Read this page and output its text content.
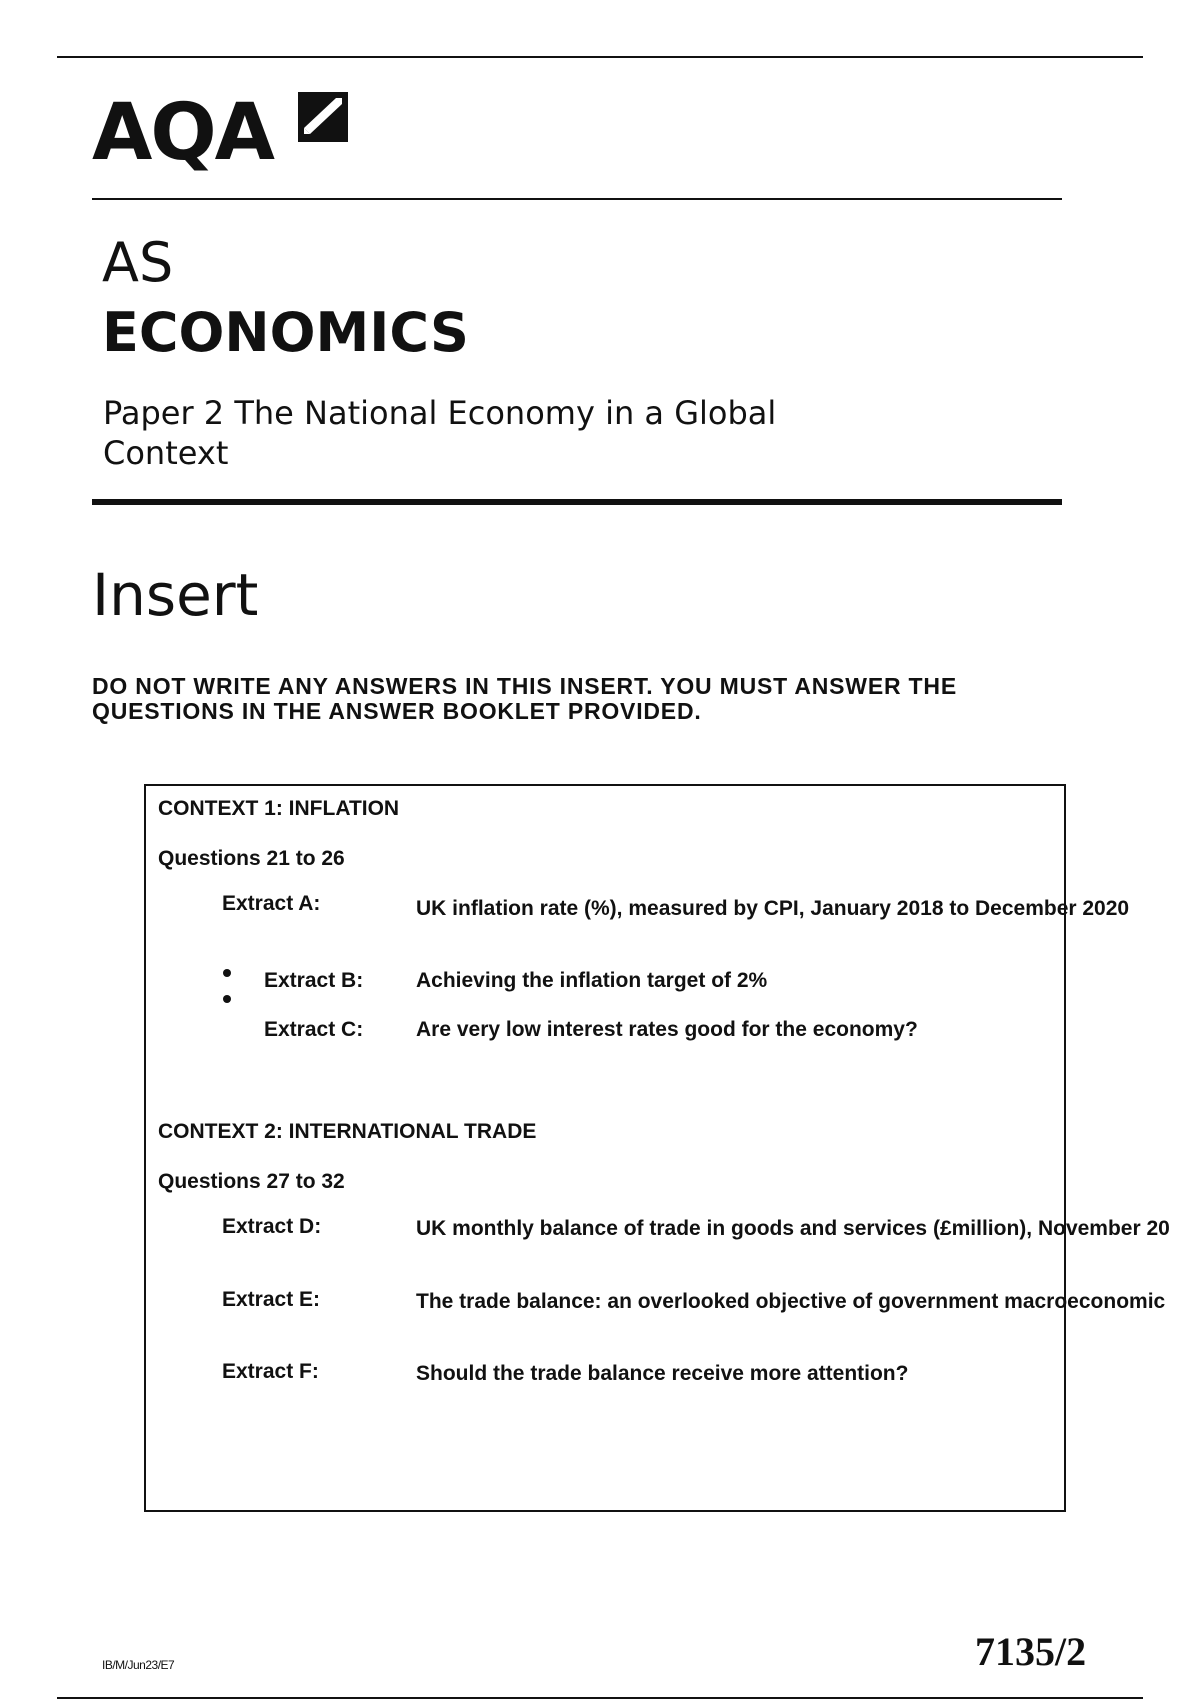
AQA
AS
ECONOMICS
Paper 2 The National Economy in a Global Context
Insert
DO NOT WRITE ANY ANSWERS IN THIS INSERT. YOU MUST ANSWER THE QUESTIONS IN THE ANSWER BOOKLET PROVIDED.
CONTEXT 1: INFLATION
Questions 21 to 26
Extract A:	UK inflation rate (%), measured by CPI, January 2018 to December 2020
Extract B:	Achieving the inflation target of 2%
Extract C:	Are very low interest rates good for the economy?
CONTEXT 2: INTERNATIONAL TRADE
Questions 27 to 32
Extract D:	UK monthly balance of trade in goods and services (£million), November 20
Extract E:	The trade balance: an overlooked objective of government macroeconomic
Extract F:	Should the trade balance receive more attention?
IB/M/Jun23/E7	7135/2
